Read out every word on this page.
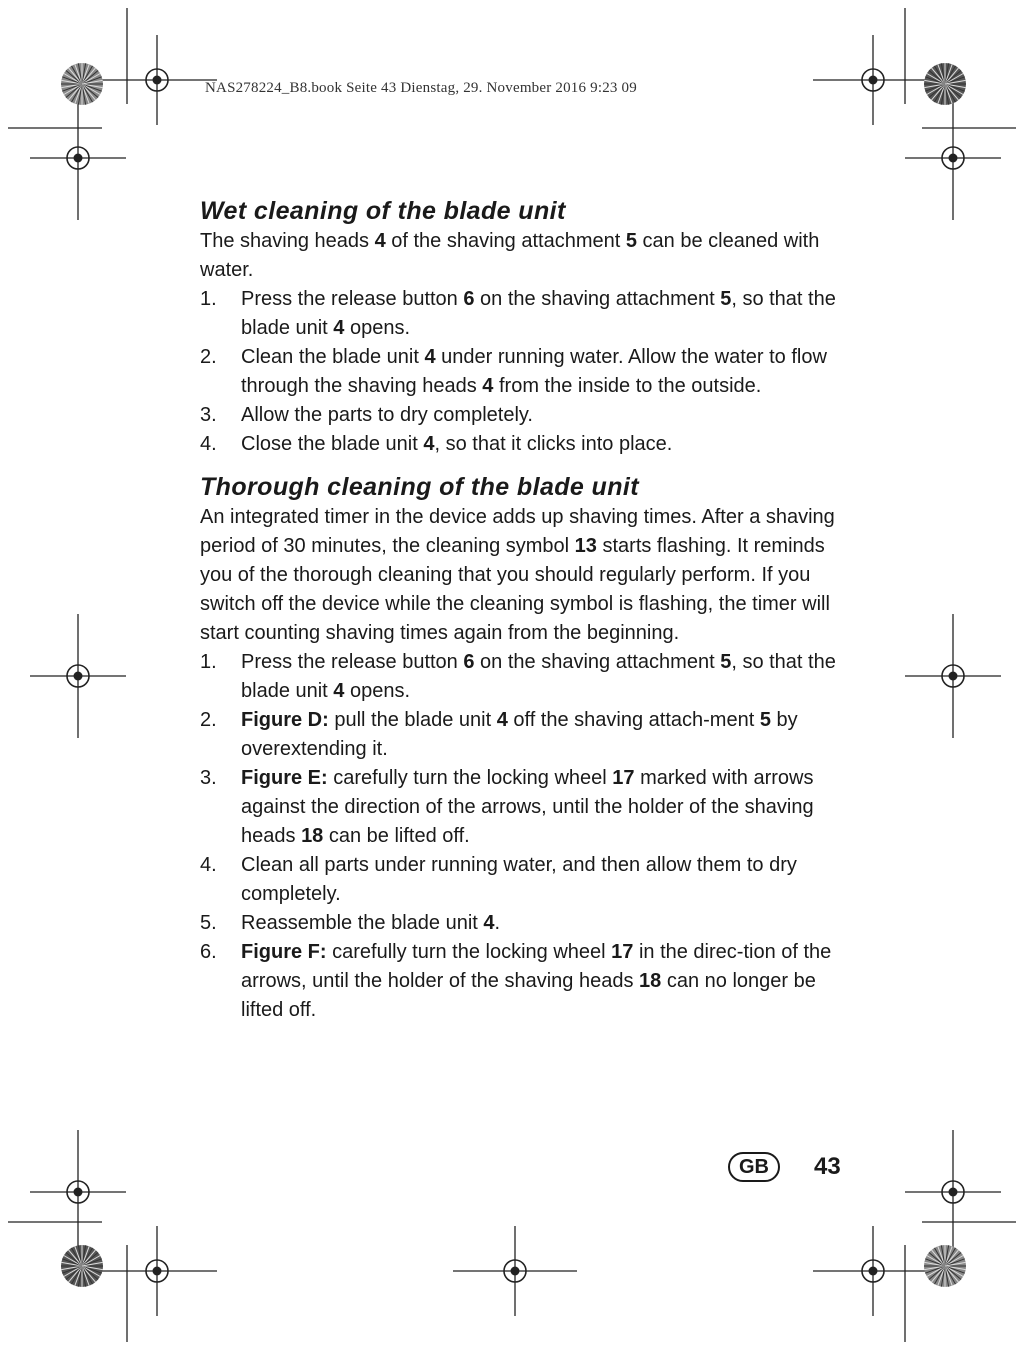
NAS278224_B8.book Seite 43 Dienstag, 29. November 2016 9:23 09
Wet cleaning of the blade unit

The shaving heads 4 of the shaving attachment 5 can be cleaned with water.

1. Press the release button 6 on the shaving attachment 5, so that the blade unit 4 opens.
2. Clean the blade unit 4 under running water. Allow the water to flow through the shaving heads 4 from the inside to the outside.
3. Allow the parts to dry completely.
4. Close the blade unit 4, so that it clicks into place.
Thorough cleaning of the blade unit

An integrated timer in the device adds up shaving times. After a shaving period of 30 minutes, the cleaning symbol 13 starts flashing. It reminds you of the thorough cleaning that you should regularly perform. If you switch off the device while the cleaning symbol is flashing, the timer will start counting shaving times again from the beginning.

1. Press the release button 6 on the shaving attachment 5, so that the blade unit 4 opens.
2. Figure D: pull the blade unit 4 off the shaving attach-ment 5 by overextending it.
3. Figure E: carefully turn the locking wheel 17 marked with arrows against the direction of the arrows, until the holder of the shaving heads 18 can be lifted off.
4. Clean all parts under running water, and then allow them to dry completely.
5. Reassemble the blade unit 4.
6. Figure F: carefully turn the locking wheel 17 in the direc-tion of the arrows, until the holder of the shaving heads 18 can no longer be lifted off.
GB	43
